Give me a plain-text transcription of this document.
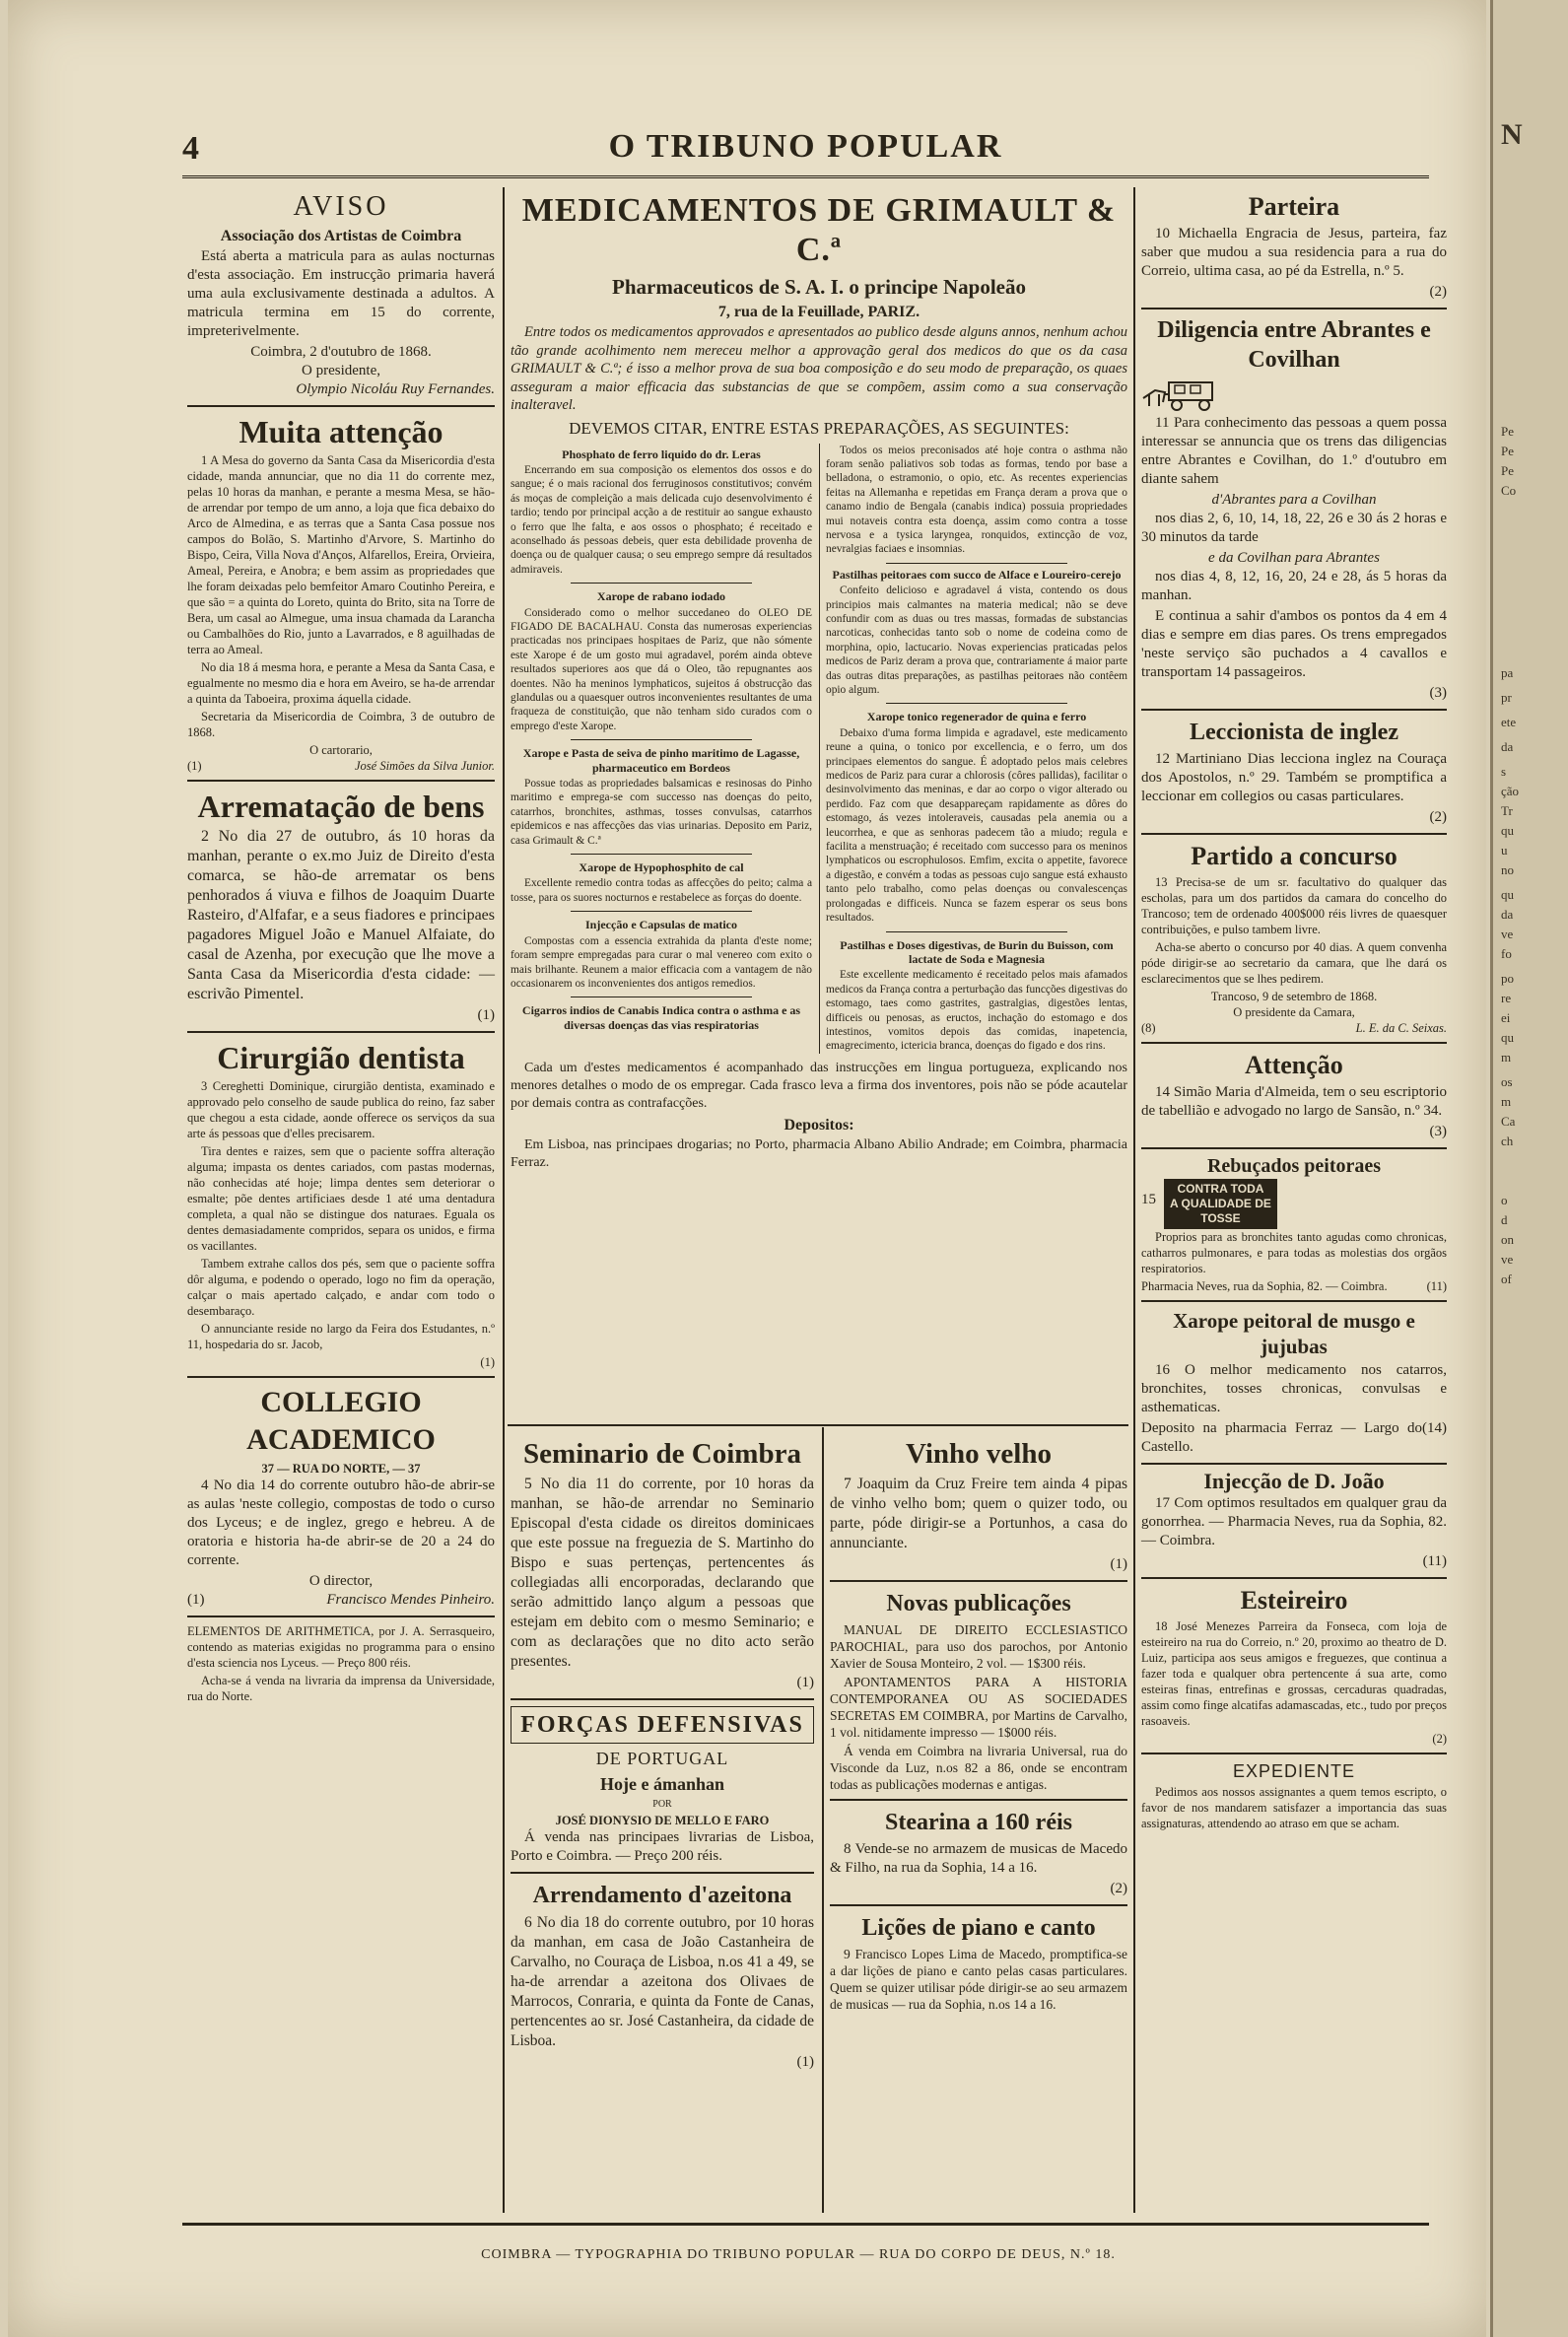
N
Pe
Pe
Pe
Co
pa
pr
ete
da
s
ção
Tr
qu
u
no
qu
da
ve
fo
po
re
ei
qu
m
os
m
Ca
ch
o
d
on
ve
of
4	O TRIBUNO POPULAR
AVISO
Associação dos Artistas de Coimbra

Está aberta a matricula para as aulas nocturnas d'esta associação. Em instrucção primaria haverá uma aula exclusivamente destinada a adultos. A matricula termina em 15 do corrente, impreterivelmente.

Coimbra, 2 d'outubro de 1868.
O presidente,
Olympio Nicoláu Ruy Fernandes.
Muita attenção

1 A Mesa do governo da Santa Casa da Misericordia d'esta cidade, manda annunciar, que no dia 11 do corrente mez, pelas 10 horas da manhan, e perante a mesma Mesa, se hão-de arrendar por tempo de um anno, a loja que fica debaixo do Arco de Almedina, e as terras que a Santa Casa possue nos campos do Bolão, S. Martinho d'Arvore, S. Martinho do Bispo, Ceira, Villa Nova d'Anços, Alfarellos, Ereira, Orvieira, Ameal, Pereira, e Anobra; e bem assim as propriedades que lhe foram deixadas pelo bemfeitor Amaro Coutinho Pereira, e que são = a quinta do Loreto, quinta do Brito, sita na Torre de Bera, um casal ao Almegue, uma insua chamada da Larancha ou Cambalhões do Rio, junto a Lavarrados, e 8 aguilhadas de terra ao Ameal.

No dia 18 á mesma hora, e perante a Mesa da Santa Casa, e egualmente no mesmo dia e hora em Aveiro, se ha-de arrendar a quinta da Taboeira, proxima áquella cidade.

Secretaria da Misericordia de Coimbra, 3 de outubro de 1868.

O cartorario,
(1)	José Simões da Silva Junior.
Arrematação de bens

2 No dia 27 de outubro, ás 10 horas da manhan, perante o ex.mo Juiz de Direito d'esta comarca, se hão-de arrematar os bens penhorados á viuva e filhos de Joaquim Duarte Rasteiro, d'Alfafar, e a seus fiadores e principaes pagadores Miguel João e Manuel Alfaiate, do casal de Azenha, por execução que lhe move a Santa Casa da Misericordia d'esta cidade: — escrivão Pimentel.

(1)
Cirurgião dentista

3 Cereghetti Dominique, cirurgião dentista, examinado e approvado pelo conselho de saude publica do reino, faz saber que chegou a esta cidade, aonde offerece os serviços da sua arte ás pessoas que d'elles precisarem.

Tira dentes e raizes, sem que o paciente soffra alteração alguma; impasta os dentes cariados, com pastas modernas, não conhecidas até hoje; limpa dentes sem deteriorar o esmalte; põe dentes artificiaes desde 1 até uma dentadura completa, a qual não se distingue dos naturaes. Eguala os dentes demasiadamente compridos, separa os unidos, e firma os vacillantes.

Tambem extrahe callos dos pés, sem que o paciente soffra dôr alguma, e podendo o operado, logo no fim da operação, calçar o mais apertado calçado, e andar com todo o desembaraço.

O annunciante reside no largo da Feira dos Estudantes, n.º 11, hospedaria do sr. Jacob,

(1)
COLLEGIO ACADEMICO
37 — RUA DO NORTE, — 37

4 No dia 14 do corrente outubro hão-de abrir-se as aulas 'neste collegio, compostas de todo o curso dos Lyceus; e de inglez, grego e hebreu. A de oratoria e historia ha-de abrir-se de 20 a 24 do corrente.

O director,
(1)	Francisco Mendes Pinheiro.

ELEMENTOS DE ARITHMETICA, por J. A. Serrasqueiro, contendo as materias exigidas no programma para o ensino d'esta sciencia nos Lyceus. — Preço 800 réis.

Acha-se á venda na livraria da imprensa da Universidade, rua do Norte.

MEDICAMENTOS DE GRIMAULT & C.ª
Pharmaceuticos de S. A. I. o principe Napoleão
7, rua de la Feuillade, PARIZ.

Entre todos os medicamentos approvados e apresentados ao publico desde alguns annos, nenhum achou tão grande acolhimento nem mereceu melhor a approvação geral dos medicos do que os da casa GRIMAULT & C.ª; é isso a melhor prova de sua boa composição e do seu modo de preparação, os quaes asseguram a maior efficacia das substancias de que se compõem, assim como a sua conservação inalteravel.

DEVEMOS CITAR, ENTRE ESTAS PREPARAÇÕES, AS SEGUINTES:
Phosphato de ferro liquido do dr. Leras

Encerrando em sua composição os elementos dos ossos e do sangue; é o mais racional dos ferruginosos constitutivos; convém ás moças de compleição a mais delicada cujo desenvolvimento é tardio; tendo por principal acção a de restituir ao sangue exhausto o ferro que lhe falta, e aos ossos o phosphato; é receitado e aconselhado ás pessoas debeis, quer esta debilidade provenha de doença ou de qualquer causa; o seu emprego sempre dá resultados admiraveis.

Xarope de rabano iodado

Considerado como o melhor succedaneo do OLEO DE FIGADO DE BACALHAU. Consta das numerosas experiencias practicadas nos principaes hospitaes de Pariz, que não sómente este Xarope é de um gosto mui agradavel, porém ainda obteve resultados superiores aos que dá o Oleo, tão repugnantes aos doentes. Não ha meninos lymphaticos, sujeitos á obstrucção das glandulas ou a quaesquer outros inconvenientes resultantes de uma fraqueza de constituição, que não tenham sido curados com o emprego d'este Xarope.

Xarope e Pasta de seiva de pinho maritimo de Lagasse, pharmaceutico em Bordeos

Possue todas as propriedades balsamicas e resinosas do Pinho maritimo e emprega-se com successo nas doenças do peito, catarrhos, bronchites, asthmas, tosses convulsas, catarrhos epidemicos e nas affecções das vias urinarias. Deposito em Pariz, casa Grimault & C.ª

Xarope de Hypophosphito de cal

Excellente remedio contra todas as affecções do peito; calma a tosse, para os suores nocturnos e restabelece as forças do doente.

Injecção e Capsulas de matico

Compostas com a essencia extrahida da planta d'este nome; foram sempre empregadas para curar o mal venereo com exito o mais brilhante. Reunem a maior efficacia com a vantagem de não occasionarem os inconvenientes dos antigos remedios.

Cigarros indios de Canabis Indica contra o asthma e as diversas doenças das vias respiratorias

Todos os meios preconisados até hoje contra o asthma não foram senão paliativos sob todas as formas, tendo por base a belladona, o estramonio, o opio, etc. As recentes experiencias feitas na Allemanha e repetidas em França deram a prova que o canamo indio de Bengala (canabis indica) possuia propriedades mui notaveis contra esta doença, assim como contra a tosse nervosa e a tysica laryngea, ronquidos, extincção de voz, nevralgias faciaes e insomnias.

Pastilhas peitoraes com succo de Alface e Loureiro-cerejo

Confeito delicioso e agradavel á vista, contendo os dous principios mais calmantes na materia medical; não se deve confundir com as duas ou tres massas, formadas de substancias narcoticas, conhecidas tanto sob o nome de codeina como de morphina, opio, lactucario. Novas experiencias praticadas pelos medicos de Pariz deram a prova que, contrariamente á maior parte das outras ditas preparações, as pastilhas peitoraes não contêem opio algum.

Xarope tonico regenerador de quina e ferro

Debaixo d'uma forma limpida e agradavel, este medicamento reune a quina, o tonico por excellencia, e o ferro, um dos principaes elementos do sangue. É adoptado pelos mais celebres medicos de Pariz para curar a chlorosis (côres pallidas), facilitar o desinvolvimento das meninas, e dar ao corpo o vigor alterado ou perdido. Faz com que desappareçam rapidamente as dôres do estomago, ás vezes intoleraveis, causadas pela anemia ou a leucorrhea, e que as senhoras padecem tão a miudo; regula e facilita a menstruação; é receitado com successo para os meninos lymphaticos ou escrophulosos. Emfim, excita o appetite, favorece a digestão, e convém a todas as pessoas cujo sangue está exhausto tanto pelo trabalho, como pelas doenças ou convalescenças prolongadas e difficeis. Nunca se fazem esperar os seus bons resultados.

Pastilhas e Doses digestivas, de Burin du Buisson, com lactate de Soda e Magnesia

Este excellente medicamento é receitado pelos mais afamados medicos da França contra a perturbação das funcções digestivas do estomago, taes como gastrites, gastralgias, digestões lentas, difficeis ou penosas, as eructos, inchação do estomago e dos intestinos, vomitos depois das comidas, inapetencia, emagrecimento, ictericia branca, doenças do figado e dos rins.

Cada um d'estes medicamentos é acompanhado das instrucções em lingua portugueza, explicando nos menores detalhes o modo de os empregar. Cada frasco leva a firma dos inventores, pois não se póde acautelar por demais contra as contrafacções.

Depositos:

Em Lisboa, nas principaes drogarias; no Porto, pharmacia Albano Abilio Andrade; em Coimbra, pharmacia Ferraz.

Seminario de Coimbra

5 No dia 11 do corrente, por 10 horas da manhan, se hão-de arrendar no Seminario Episcopal d'esta cidade os direitos dominicaes que este possue na freguezia de S. Martinho do Bispo e suas pertenças, pertencentes ás collegiadas alli encorporadas, declarando que serão admittido lanço algum a pessoas que estejam em debito com o mesmo Seminario; e com as declarações que no dito acto serão presentes.

(1)
FORÇAS DEFENSIVAS
DE PORTUGAL
Hoje e ámanhan
POR
JOSÉ DIONYSIO DE MELLO E FARO

Á venda nas principaes livrarias de Lisboa, Porto e Coimbra. — Preço 200 réis.

Arrendamento d'azeitona

6 No dia 18 do corrente outubro, por 10 horas da manhan, em casa de João Castanheira de Carvalho, no Couraça de Lisboa, n.os 41 a 49, se ha-de arrendar a azeitona dos Olivaes de Marrocos, Conraria, e quinta da Fonte de Canas, pertencentes ao sr. José Castanheira, da cidade de Lisboa.

(1)
Vinho velho

7 Joaquim da Cruz Freire tem ainda 4 pipas de vinho velho bom; quem o quizer todo, ou parte, póde dirigir-se a Portunhos, a casa do annunciante.

(1)
Novas publicações

MANUAL DE DIREITO ECCLESIASTICO PAROCHIAL, para uso dos parochos, por Antonio Xavier de Sousa Monteiro, 2 vol. — 1$300 réis.

APONTAMENTOS PARA A HISTORIA CONTEMPORANEA OU AS SOCIEDADES SECRETAS EM COIMBRA, por Martins de Carvalho, 1 vol. nitidamente impresso — 1$000 réis.

Á venda em Coimbra na livraria Universal, rua do Visconde da Luz, n.os 82 a 86, onde se encontram todas as publicações modernas e antigas.

Stearina a 160 réis

8 Vende-se no armazem de musicas de Macedo & Filho, na rua da Sophia, 14 a 16.

(2)
Lições de piano e canto

9 Francisco Lopes Lima de Macedo, promptifica-se a dar lições de piano e canto pelas casas particulares. Quem se quizer utilisar póde dirigir-se ao seu armazem de musicas — rua da Sophia, n.os 14 a 16.

Parteira

10 Michaella Engracia de Jesus, parteira, faz saber que mudou a sua residencia para a rua do Correio, ultima casa, ao pé da Estrella, n.º 5.

(2)
Diligencia entre Abrantes e Covilhan

11 Para conhecimento das pessoas a quem possa interessar se annuncia que os trens das diligencias entre Abrantes e Covilhan, do 1.º d'outubro em diante sahem

d'Abrantes para a Covilhan

nos dias 2, 6, 10, 14, 18, 22, 26 e 30 ás 2 horas e 30 minutos da tarde

e da Covilhan para Abrantes

nos dias 4, 8, 12, 16, 20, 24 e 28, ás 5 horas da manhan.

E continua a sahir d'ambos os pontos da 4 em 4 dias e sempre em dias pares. Os trens empregados 'neste serviço são puchados a 4 cavallos e transportam 14 passageiros.

(3)
Leccionista de inglez

12 Martiniano Dias lecciona inglez na Couraça dos Apostolos, n.º 29. Também se promptifica a leccionar em collegios ou casas particulares.

(2)
Partido a concurso

13 Precisa-se de um sr. facultativo do qualquer das escholas, para um dos partidos da camara do concelho do Trancoso; tem de ordenado 400$000 réis livres de quaesquer contribuições, e pulso tambem livre.

Acha-se aberto o concurso por 40 dias. A quem convenha póde dirigir-se ao secretario da camara, que lhe dará os esclarecimentos que se lhes pedirem.

Trancoso, 9 de setembro de 1868.
O presidente da Camara,
(8)	L. E. da C. Seixas.
Attenção

14 Simão Maria d'Almeida, tem o seu escriptorio de tabellião e advogado no largo de Sansão, n.º 34.

(3)
Rebuçados peitoraes
15
CONTRA TODA
A QUALIDADE DE
TOSSE

Proprios para as bronchites tanto agudas como chronicas, catharros pulmonares, e para todas as molestias dos orgãos respiratorios.

Pharmacia Neves, rua da Sophia, 82. — Coimbra.	(11)
Xarope peitoral de musgo e jujubas

16 O melhor medicamento nos catarros, bronchites, tosses chronicas, convulsas e asthematicas.

Deposito na pharmacia Ferraz — Largo do Castello.
(14)
Injecção de D. João

17 Com optimos resultados em qualquer grau da gonorrhea. — Pharmacia Neves, rua da Sophia, 82. — Coimbra.

(11)
Esteireiro

18 José Menezes Parreira da Fonseca, com loja de esteireiro na rua do Correio, n.º 20, proximo ao theatro de D. Luiz, participa aos seus amigos e freguezes, que continua a fazer toda e qualquer obra pertencente á sua arte, como esteiras finas, entrefinas e grossas, cercaduras quadradas, assim como finge alcatifas adamascadas, etc., tudo por preços rasoaveis.

(2)
EXPEDIENTE

Pedimos aos nossos assignantes a quem temos escripto, o favor de nos mandarem satisfazer a importancia das suas assignaturas, attendendo ao atraso em que se acham.

COIMBRA — TYPOGRAPHIA DO TRIBUNO POPULAR — RUA DO CORPO DE DEUS, N.º 18.
